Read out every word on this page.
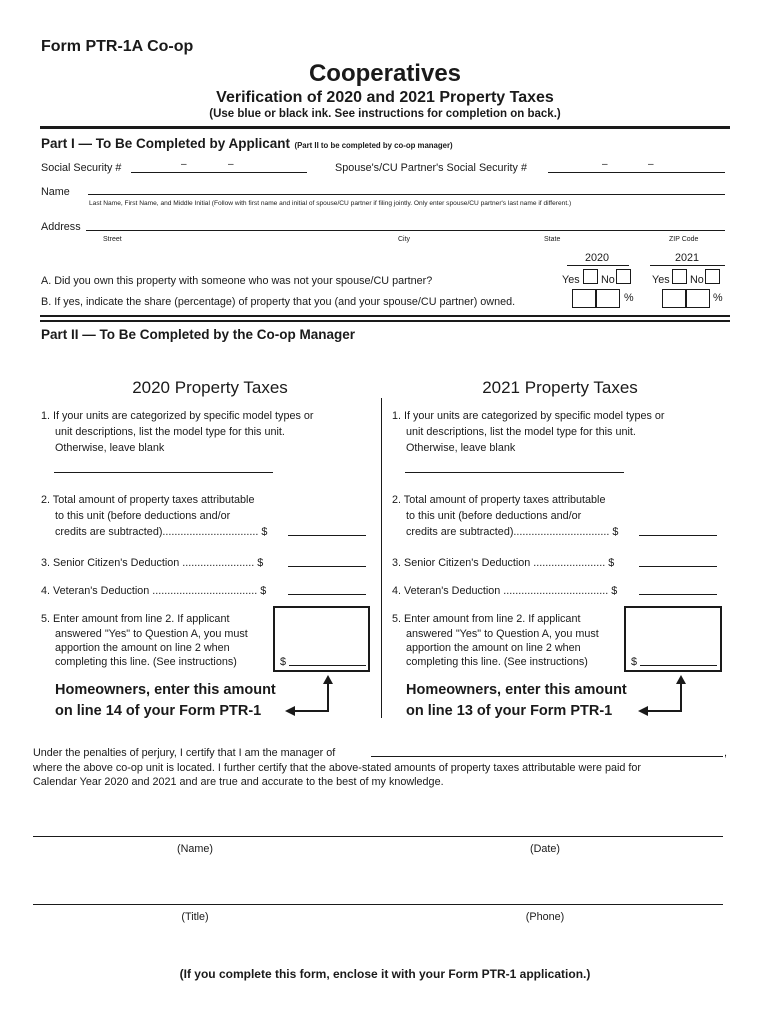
Form PTR-1A Co-op
Cooperatives
Verification of 2020 and 2021 Property Taxes
(Use blue or black ink. See instructions for completion on back.)
Part I — To Be Completed by Applicant (Part II to be completed by co-op manager)
Social Security #	–	–	Spouse's/CU Partner's Social Security #	–	–
Name
Last Name, First Name, and Middle Initial (Follow with first name and initial of spouse/CU partner if filing jointly. Only enter spouse/CU partner's last name if different.)
Address
Street	City	State	ZIP Code
2020	2021
A. Did you own this property with someone who was not your spouse/CU partner?	Yes No	Yes No
B. If yes, indicate the share (percentage) of property that you (and your spouse/CU partner) owned.	%	%
Part II — To Be Completed by the Co-op Manager
2020 Property Taxes
1. If your units are categorized by specific model types or
unit descriptions, list the model type for this unit.
Otherwise, leave blank
2. Total amount of property taxes attributable
to this unit (before deductions and/or
credits are subtracted)................................ $
3. Senior Citizen's Deduction ........................ $
4. Veteran's Deduction ................................... $
5. Enter amount from line 2. If applicant
answered "Yes" to Question A, you must
apportion the amount on line 2 when
completing this line. (See instructions)	$
Homeowners, enter this amount
on line 14 of your Form PTR-1
2021 Property Taxes
1. If your units are categorized by specific model types or
unit descriptions, list the model type for this unit.
Otherwise, leave blank
2. Total amount of property taxes attributable
to this unit (before deductions and/or
credits are subtracted)................................ $
3. Senior Citizen's Deduction ........................ $
4. Veteran's Deduction ................................... $
5. Enter amount from line 2. If applicant
answered "Yes" to Question A, you must
apportion the amount on line 2 when
completing this line. (See instructions)	$
Homeowners, enter this amount
on line 13 of your Form PTR-1
Under the penalties of perjury, I certify that I am the manager of	,
where the above co-op unit is located. I further certify that the above-stated amounts of property taxes attributable were paid for
Calendar Year 2020 and 2021 and are true and accurate to the best of my knowledge.
(Name)	(Date)
(Title)	(Phone)
(If you complete this form, enclose it with your Form PTR-1 application.)
